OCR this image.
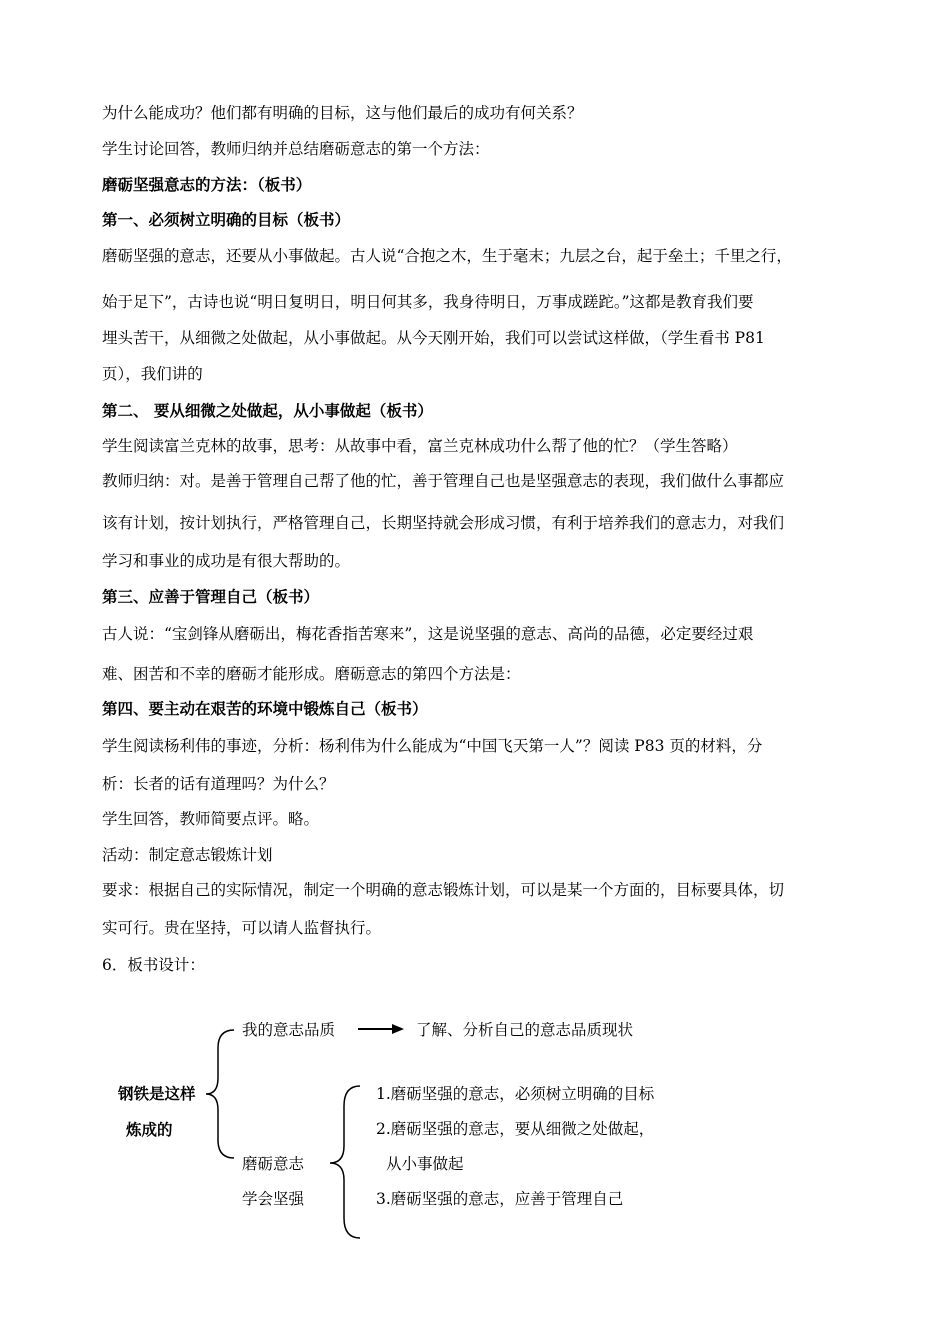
为什么能成功？他们都有明确的目标，这与他们最后的成功有何关系？
学生讨论回答，教师归纳并总结磨砺意志的第一个方法：
磨砺坚强意志的方法：（板书）
第一、必须树立明确的目标（板书）
磨砺坚强的意志，还要从小事做起。古人说“合抱之木，生于毫末；九层之台，起于垒土；千里之行，
始于足下”，古诗也说“明日复明日，明日何其多，我身待明日，万事成蹉跎。”这都是教育我们要
埋头苦干，从细微之处做起，从小事做起。从今天刚开始，我们可以尝试这样做，（学生看书 P81
页），我们讲的
第二、 要从细微之处做起，从小事做起（板书）
学生阅读富兰克林的故事，思考：从故事中看，富兰克林成功什么帮了他的忙？（学生答略）
教师归纳：对。是善于管理自己帮了他的忙，善于管理自己也是坚强意志的表现，我们做什么事都应
该有计划，按计划执行，严格管理自己，长期坚持就会形成习惯，有利于培养我们的意志力，对我们
学习和事业的成功是有很大帮助的。
第三、应善于管理自己（板书）
古人说：“宝剑锋从磨砺出，梅花香指苦寒来”，这是说坚强的意志、高尚的品德，必定要经过艰
难、困苦和不幸的磨砺才能形成。磨砺意志的第四个方法是：
第四、要主动在艰苦的环境中锻炼自己（板书）
学生阅读杨利伟的事迹，分析：杨利伟为什么能成为“中国飞天第一人”？阅读 P83 页的材料，分
析：长者的话有道理吗？为什么？
学生回答，教师简要点评。略。
活动：制定意志锻炼计划
要求：根据自己的实际情况，制定一个明确的意志锻炼计划，可以是某一个方面的，目标要具体，切
实可行。贵在坚持，可以请人监督执行。
6．板书设计：
钢铁是这样
炼成的
我的意志品质	了解、分析自己的意志品质现状
磨砺意志
学会坚强
1.磨砺坚强的意志，必须树立明确的目标
2.磨砺坚强的意志，要从细微之处做起，
从小事做起
3.磨砺坚强的意志，应善于管理自己
